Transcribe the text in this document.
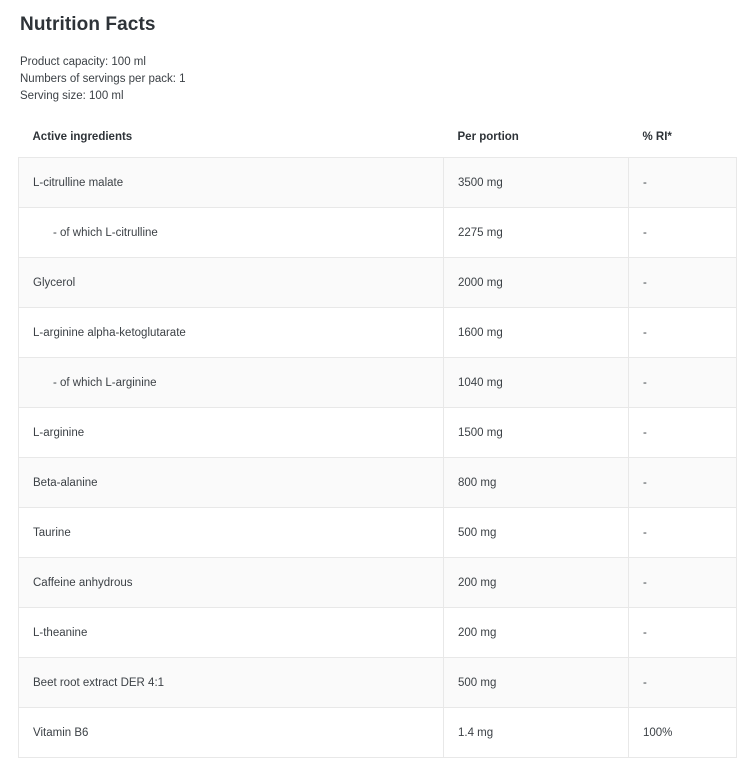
Nutrition Facts
Product capacity: 100 ml
Numbers of servings per pack: 1
Serving size: 100 ml
Active ingredients	Per portion	% RI*
L-citrulline malate	3500 mg	-
- of which L-citrulline	2275 mg	-
Glycerol	2000 mg	-
L-arginine alpha-ketoglutarate	1600 mg	-
- of which L-arginine	1040 mg	-
L-arginine	1500 mg	-
Beta-alanine	800 mg	-
Taurine	500 mg	-
Caffeine anhydrous	200 mg	-
L-theanine	200 mg	-
Beet root extract DER 4:1	500 mg	-
Vitamin B6	1.4 mg	100%
